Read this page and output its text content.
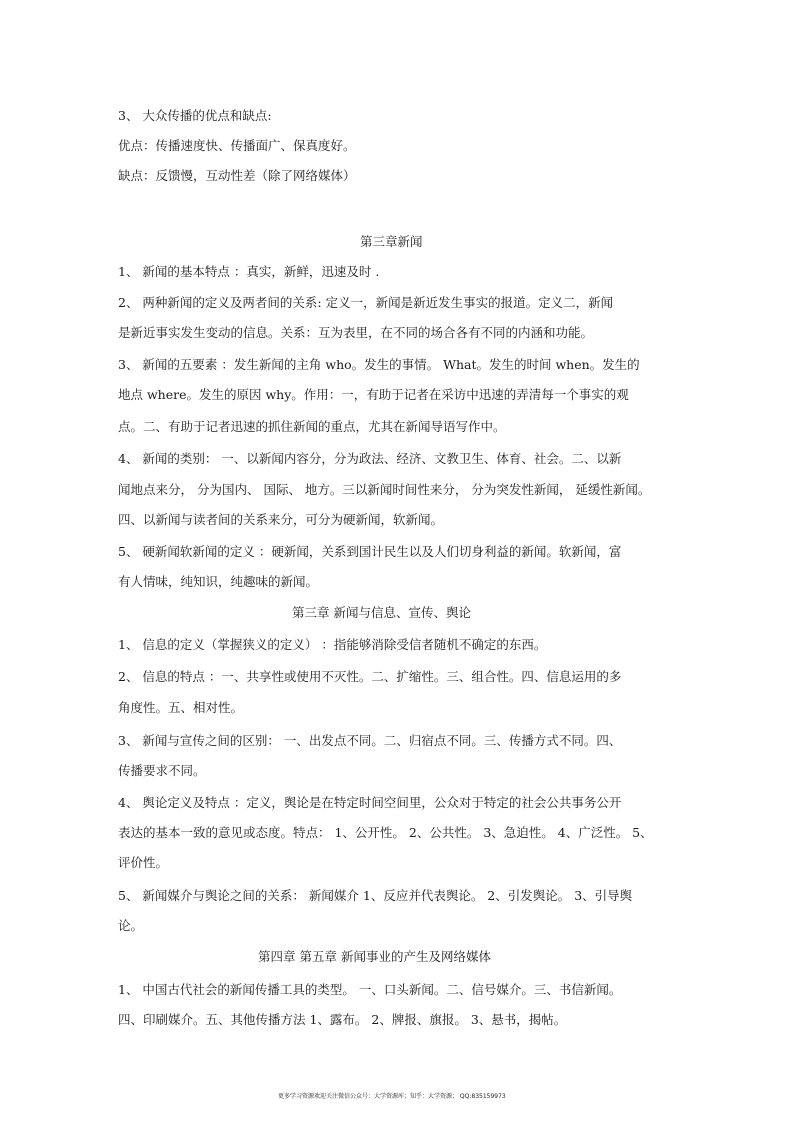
3、 大众传播的优点和缺点:
优点：传播速度快、传播面广、保真度好。
缺点：反馈慢，互动性差（除了网络媒体）
第三章新闻
1、 新闻的基本特点 ：真实，新鲜，迅速及时 .
2、 两种新闻的定义及两者间的关系: 定义一，新闻是新近发生事实的报道。定义二，新闻
是新近事实发生变动的信息。关系：互为表里，在不同的场合各有不同的内涵和功能。
3、 新闻的五要素 ：发生新闻的主角 who。发生的事情。 What。发生的时间 when。发生的
地点 where。发生的原因 why。作用：一，有助于记者在采访中迅速的弄清每一个事实的观
点。二、有助于记者迅速的抓住新闻的重点，尤其在新闻导语写作中。
4、 新闻的类别： 一、以新闻内容分，分为政法、经济、文教卫生、体育、社会。二、以新
闻地点来分， 分为国内、 国际、 地方。三以新闻时间性来分， 分为突发性新闻， 延缓性新闻。
四、以新闻与读者间的关系来分，可分为硬新闻，软新闻。
5、 硬新闻软新闻的定义 ：硬新闻，关系到国计民生以及人们切身利益的新闻。软新闻，富
有人情味，纯知识，纯趣味的新闻。
第三章 新闻与信息、宣传、舆论
1、 信息的定义（掌握狭义的定义） ：指能够消除受信者随机不确定的东西。
2、 信息的特点 ：一、共享性或使用不灭性。二、扩缩性。三、组合性。四、信息运用的多
角度性。五、相对性。
3、 新闻与宣传之间的区别： 一、出发点不同。二、归宿点不同。三、传播方式不同。四、
传播要求不同。
4、 舆论定义及特点 ：定义，舆论是在特定时间空间里，公众对于特定的社会公共事务公开
表达的基本一致的意见或态度。特点： 1、公开性。 2、公共性。 3、急迫性。 4、广泛性。 5、
评价性。
5、 新闻媒介与舆论之间的关系： 新闻媒介 1、反应并代表舆论。 2、引发舆论。 3、引导舆
论。
第四章 第五章 新闻事业的产生及网络媒体
1、 中国古代社会的新闻传播工具的类型。 一、口头新闻。二、信号媒介。三、书信新闻。
四、印刷媒介。五、其他传播方法 1、露布。 2、牌报、旗报。 3、悬书，揭帖。
更多学习资源欢迎关注微信公众号：大学资源库；知乎：大学资源； QQ:835159973
